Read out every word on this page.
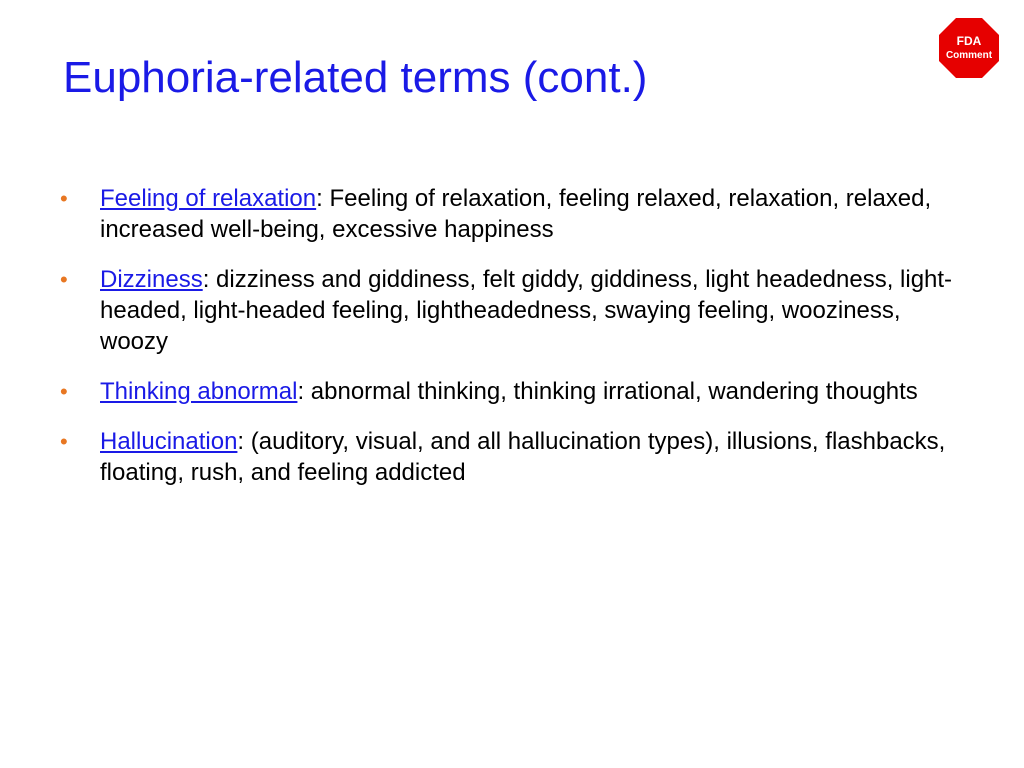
Euphoria-related terms (cont.)
FDA
Comment
• Feeling of relaxation: Feeling of relaxation, feeling relaxed, relaxation, relaxed, increased well-being, excessive happiness
• Dizziness: dizziness and giddiness, felt giddy, giddiness, light headedness, light-headed, light-headed feeling, lightheadedness, swaying feeling, wooziness, woozy
• Thinking abnormal: abnormal thinking, thinking irrational, wandering thoughts
• Hallucination: (auditory, visual, and all hallucination types), illusions, flashbacks, floating, rush, and feeling addicted
